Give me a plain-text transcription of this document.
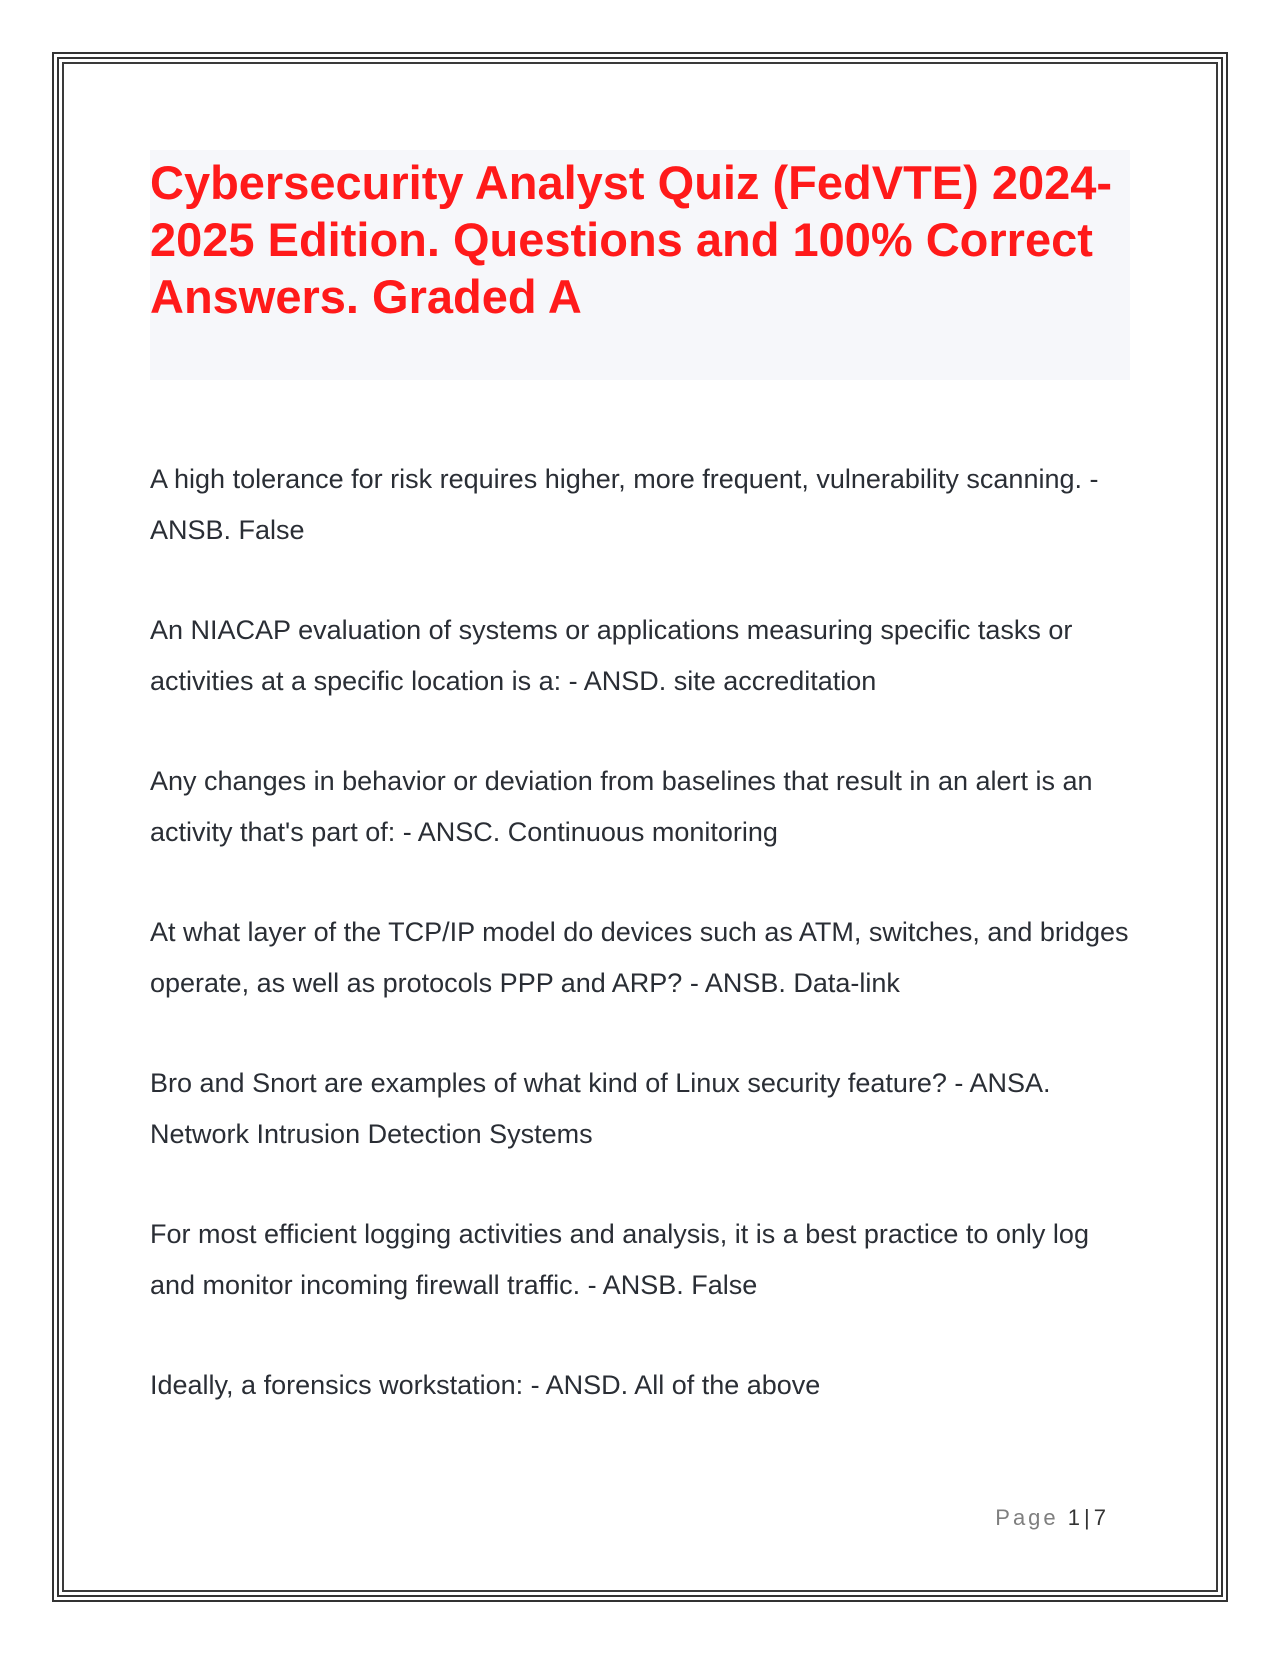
Cybersecurity Analyst Quiz (FedVTE) 2024-2025 Edition. Questions and 100% Correct Answers. Graded A
A high tolerance for risk requires higher, more frequent, vulnerability scanning. - ANSB. False
An NIACAP evaluation of systems or applications measuring specific tasks or activities at a specific location is a: - ANSD. site accreditation
Any changes in behavior or deviation from baselines that result in an alert is an activity that's part of: - ANSC. Continuous monitoring
At what layer of the TCP/IP model do devices such as ATM, switches, and bridges operate, as well as protocols PPP and ARP? - ANSB. Data-link
Bro and Snort are examples of what kind of Linux security feature? - ANSA. Network Intrusion Detection Systems
For most efficient logging activities and analysis, it is a best practice to only log and monitor incoming firewall traffic. - ANSB. False
Ideally, a forensics workstation: - ANSD. All of the above
Page 1 | 7
